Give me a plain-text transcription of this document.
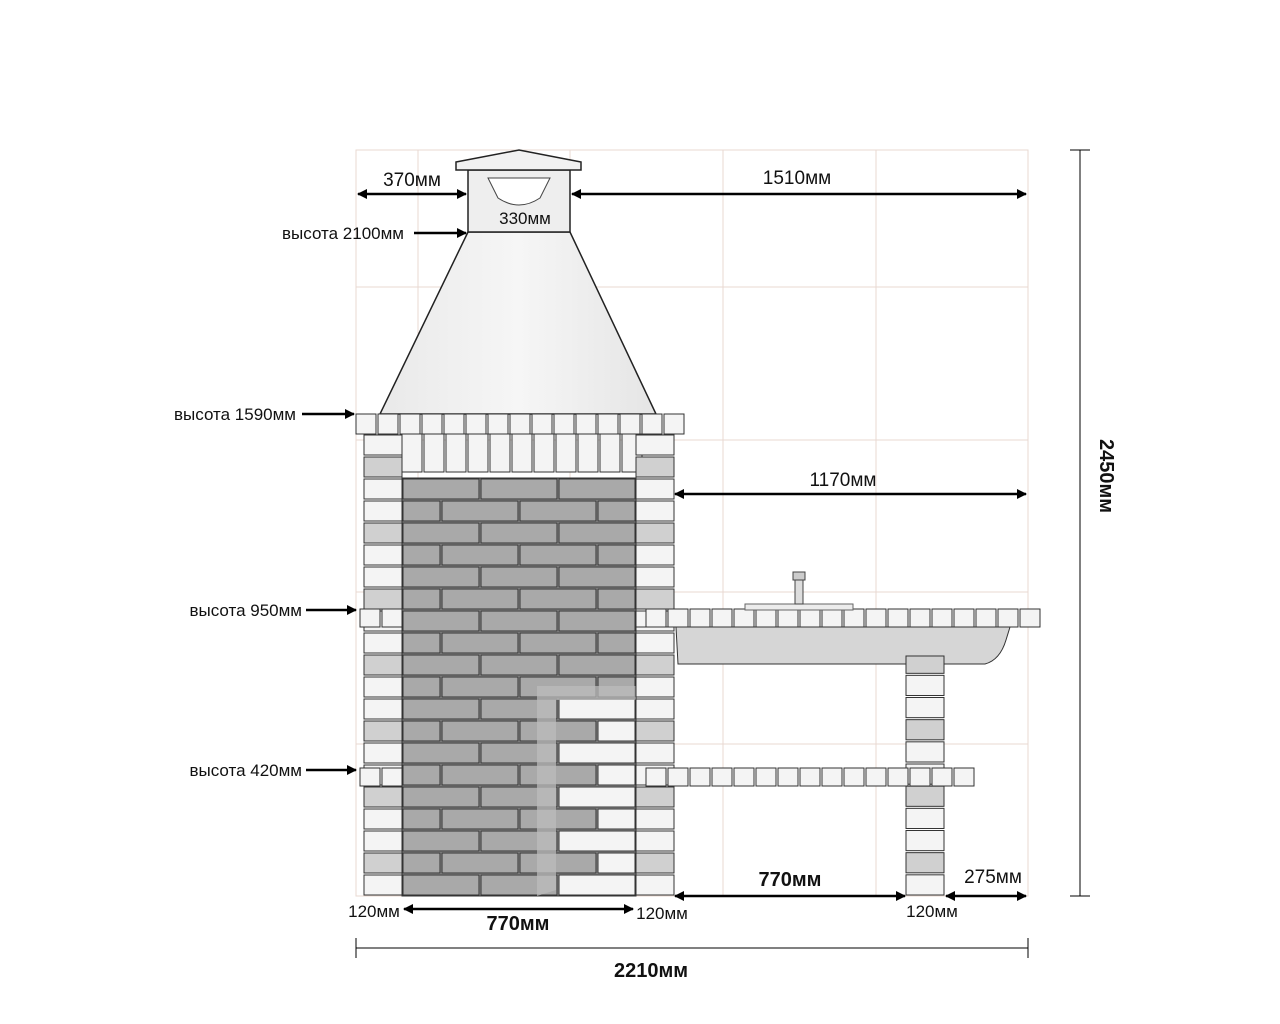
370мм	1510мм
330мм
высота 2100мм
высота 1590мм
1170мм
высота 950мм
высота 420мм
2450мм
120мм
770мм	120мм
770мм
120мм
275мм
2210мм
